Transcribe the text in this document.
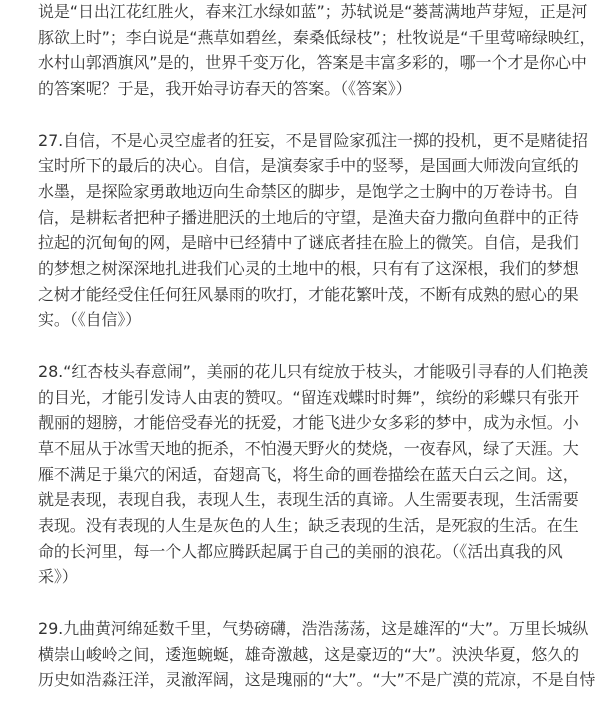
说是“日出江花红胜火，春来江水绿如蓝”；苏轼说是“蒌蒿满地芦芽短，正是河
豚欲上时”；李白说是“燕草如碧丝，秦桑低绿枝”；杜牧说是“千里莺啼绿映红，
水村山郭酒旗风”是的，世界千变万化，答案是丰富多彩的，哪一个才是你心中
的答案呢？于是，我开始寻访春天的答案。（《答案》）

27.自信，不是心灵空虚者的狂妄，不是冒险家孤注一掷的投机，更不是赌徒招
宝时所下的最后的决心。自信，是演奏家手中的竖琴，是国画大师泼向宣纸的
水墨，是探险家勇敢地迈向生命禁区的脚步，是饱学之士胸中的万卷诗书。自
信，是耕耘者把种子播进肥沃的土地后的守望，是渔夫奋力撒向鱼群中的正待
拉起的沉甸甸的网，是暗中已经猜中了谜底者挂在脸上的微笑。自信，是我们
的梦想之树深深地扎进我们心灵的土地中的根，只有有了这深根，我们的梦想
之树才能经受住任何狂风暴雨的吹打，才能花繁叶茂，不断有成熟的慰心的果
实。（《自信》）

28.“红杏枝头春意闹”，美丽的花儿只有绽放于枝头，才能吸引寻春的人们艳羡
的目光，才能引发诗人由衷的赞叹。“留连戏蝶时时舞”，缤纷的彩蝶只有张开
靓丽的翅膀，才能倍受春光的抚爱，才能飞进少女多彩的梦中，成为永恒。小
草不屈从于冰雪天地的扼杀，不怕漫天野火的焚烧，一夜春风，绿了天涯。大
雁不满足于巢穴的闲适，奋翅高飞，将生命的画卷描绘在蓝天白云之间。这，
就是表现，表现自我，表现人生，表现生活的真谛。人生需要表现，生活需要
表现。没有表现的人生是灰色的人生；缺乏表现的生活，是死寂的生活。在生
命的长河里，每一个人都应腾跃起属于自己的美丽的浪花。（《活出真我的风
采》）

29.九曲黄河绵延数千里，气势磅礴，浩浩荡荡，这是雄浑的“大”。万里长城纵
横崇山峻岭之间，逶迤蜿蜒，雄奇激越，这是豪迈的“大”。泱泱华夏，悠久的
历史如浩淼汪洋，灵澈浑阔，这是瑰丽的“大”。“大”不是广漠的荒凉，不是自恃
